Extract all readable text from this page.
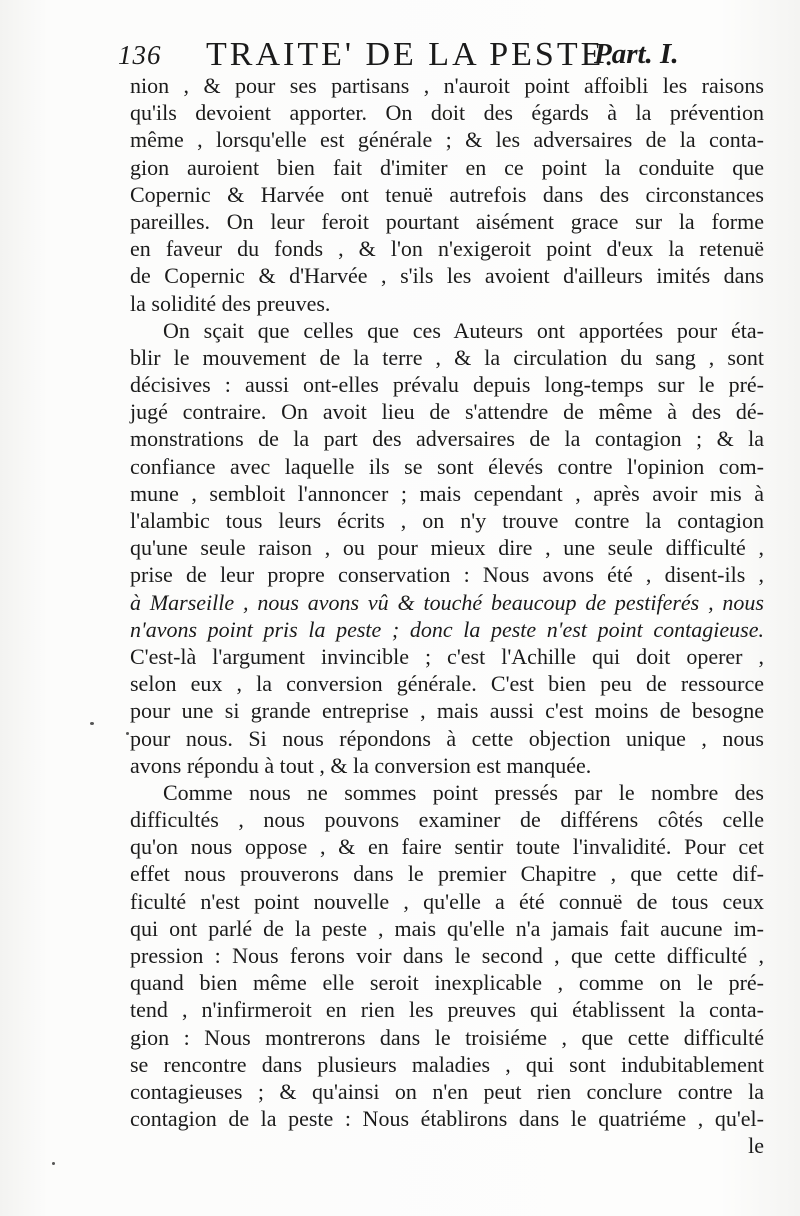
136 TRAITE' DE LA PESTE.
Part. I.
nion , & pour ses partisans , n'auroit point affoibli les raisons
qu'ils devoient apporter. On doit des égards à la prévention
même , lorsqu'elle est générale ; & les adversaires de la conta-
gion auroient bien fait d'imiter en ce point la conduite que
Copernic & Harvée ont tenuë autrefois dans des circonstances
pareilles. On leur feroit pourtant aisément grace sur la forme
en faveur du fonds , & l'on n'exigeroit point d'eux la retenuë
de Copernic & d'Harvée , s'ils les avoient d'ailleurs imités dans
la solidité des preuves.
On sçait que celles que ces Auteurs ont apportées pour éta-
blir le mouvement de la terre , & la circulation du sang , sont
décisives : aussi ont-elles prévalu depuis long-temps sur le pré-
jugé contraire. On avoit lieu de s'attendre de même à des dé-
monstrations de la part des adversaires de la contagion ; & la
confiance avec laquelle ils se sont élevés contre l'opinion com-
mune , sembloit l'annoncer ; mais cependant , après avoir mis à
l'alambic tous leurs écrits , on n'y trouve contre la contagion
qu'une seule raison , ou pour mieux dire , une seule difficulté ,
prise de leur propre conservation : Nous avons été , disent-ils ,
à Marseille , nous avons vû & touché beaucoup de pestiferés , nous
n'avons point pris la peste ; donc la peste n'est point contagieuse.
C'est-là l'argument invincible ; c'est l'Achille qui doit operer ,
selon eux , la conversion générale. C'est bien peu de ressource
pour une si grande entreprise , mais aussi c'est moins de besogne
pour nous. Si nous répondons à cette objection unique , nous
avons répondu à tout , & la conversion est manquée.
Comme nous ne sommes point pressés par le nombre des
difficultés , nous pouvons examiner de différens côtés celle
qu'on nous oppose , & en faire sentir toute l'invalidité. Pour cet
effet nous prouverons dans le premier Chapitre , que cette dif-
ficulté n'est point nouvelle , qu'elle a été connuë de tous ceux
qui ont parlé de la peste , mais qu'elle n'a jamais fait aucune im-
pression : Nous ferons voir dans le second , que cette difficulté ,
quand bien même elle seroit inexplicable , comme on le pré-
tend , n'infirmeroit en rien les preuves qui établissent la conta-
gion : Nous montrerons dans le troisiéme , que cette difficulté
se rencontre dans plusieurs maladies , qui sont indubitablement
contagieuses ; & qu'ainsi on n'en peut rien conclure contre la
contagion de la peste : Nous établirons dans le quatriéme , qu'el-
le
